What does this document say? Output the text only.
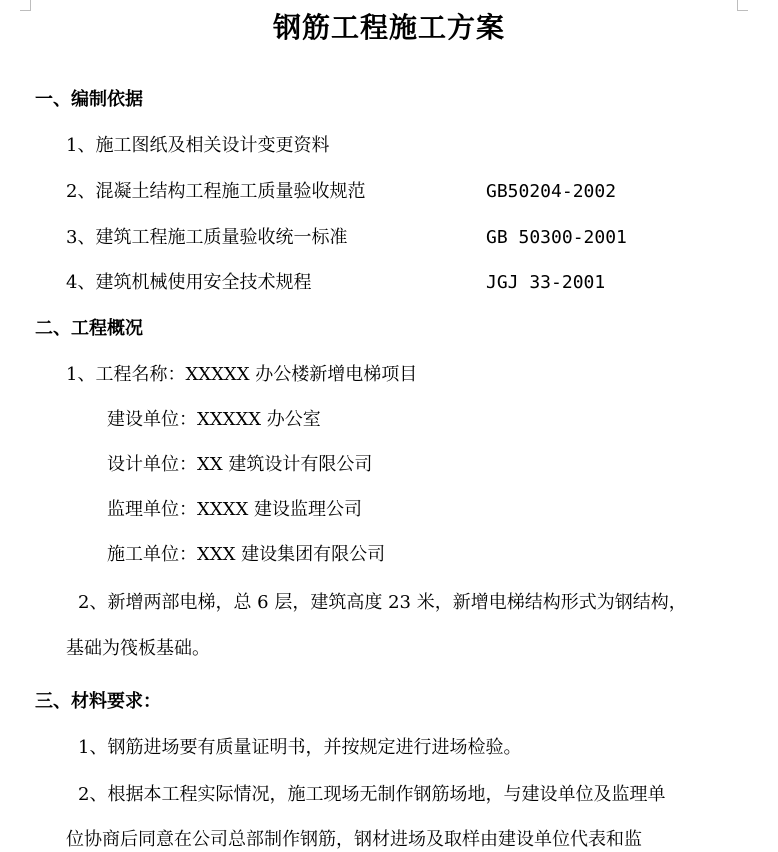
钢筋工程施工方案
一、编制依据
1、施工图纸及相关设计变更资料
2、混凝土结构工程施工质量验收规范	GB50204-2002
3、建筑工程施工质量验收统一标准	GB 50300-2001
4、建筑机械使用安全技术规程	JGJ 33-2001
二、工程概况
1、工程名称：XXXXX 办公楼新增电梯项目
建设单位：XXXXX 办公室
设计单位：XX 建筑设计有限公司
监理单位：XXXX 建设监理公司
施工单位：XXX 建设集团有限公司
2、新增两部电梯，总 6 层，建筑高度 23 米，新增电梯结构形式为钢结构，
基础为筏板基础。
三、材料要求：
1、钢筋进场要有质量证明书，并按规定进行进场检验。
2、根据本工程实际情况，施工现场无制作钢筋场地，与建设单位及监理单
位协商后同意在公司总部制作钢筋，钢材进场及取样由建设单位代表和监
